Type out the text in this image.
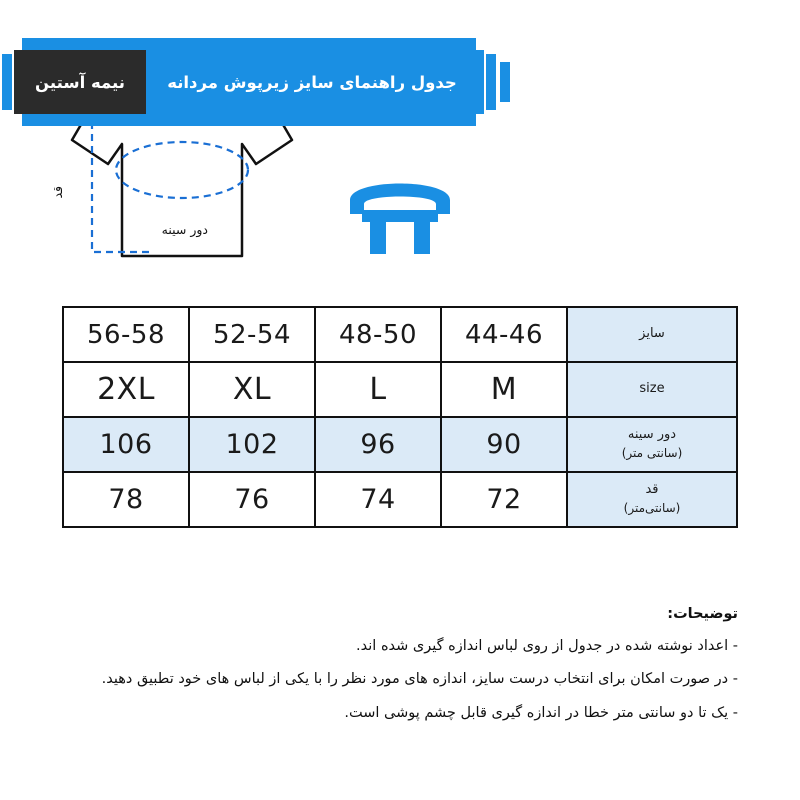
قد
دور سینه
جدول راهنمای سایز زیرپوش مردانه
نیمه آستین
سایز	44-46	48-50	52-54	56-58
size	M	L	XL	2XL
دور سینه
(سانتی متر)	90	96	102	106
قد
(سانتی‌متر)	72	74	76	78

توضیحات:

- اعداد نوشته شده در جدول از روی لباس اندازه گیری شده اند.

- در صورت امکان برای انتخاب درست سایز، اندازه های مورد نظر را با یکی از لباس های خود تطبیق دهید.

- یک تا دو سانتی متر خطا در اندازه گیری قابل چشم پوشی است.
